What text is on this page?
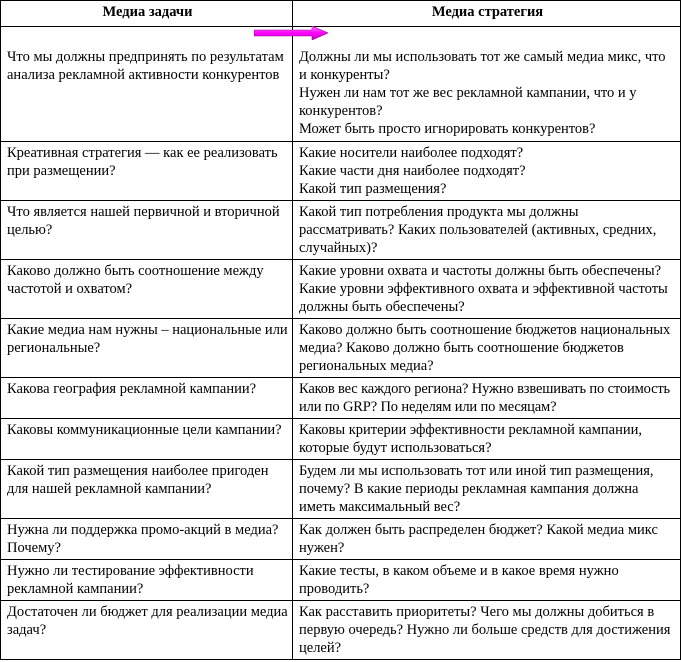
Медиа задачи	Медиа стратегия
Что мы должны предпринять по результатам анализа рекламной активности конкурентов	Должны ли мы использовать тот же самый медиа микс, что и конкуренты?
Нужен ли нам тот же вес рекламной кампании, что и у конкурентов?
Может быть просто игнорировать конкурентов?

Креативная стратегия — как ее реализовать при размещении?	Какие носители наиболее подходят?
Какие части дня наиболее подходят?
Какой тип размещения?

Что является нашей первичной и вторичной целью?	Какой тип потребления продукта мы должны рассматривать? Каких пользователей (активных, средних, случайных)?
Каково должно быть соотношение между частотой и охватом?	Какие уровни охвата и частоты должны быть обеспечены? Какие уровни эффективного охвата и эффективной частоты должны быть обеспечены?
Какие медиа нам нужны – национальные или региональные?	Каково должно быть соотношение бюджетов национальных медиа? Каково должно быть соотношение бюджетов региональных медиа?
Какова география рекламной кампании?	Каков вес каждого региона? Нужно взвешивать по стоимость или по GRP? По неделям или по месяцам?
Каковы коммуникационные цели кампании?	Каковы критерии эффективности рекламной кампании, которые будут использоваться?
Какой тип размещения наиболее пригоден для нашей рекламной кампании?	Будем ли мы использовать тот или иной тип размещения, почему? В какие периоды рекламная кампания должна иметь максимальный вес?
Нужна ли поддержка промо-акций в медиа? Почему?	Как должен быть распределен бюджет? Какой медиа микс нужен?
Нужно ли тестирование эффективности рекламной кампании?	Какие тесты, в каком объеме и в какое время нужно проводить?
Достаточен ли бюджет для реализации медиа задач?	Как расставить приоритеты? Чего мы должны добиться в первую очередь? Нужно ли больше средств для достижения целей?
